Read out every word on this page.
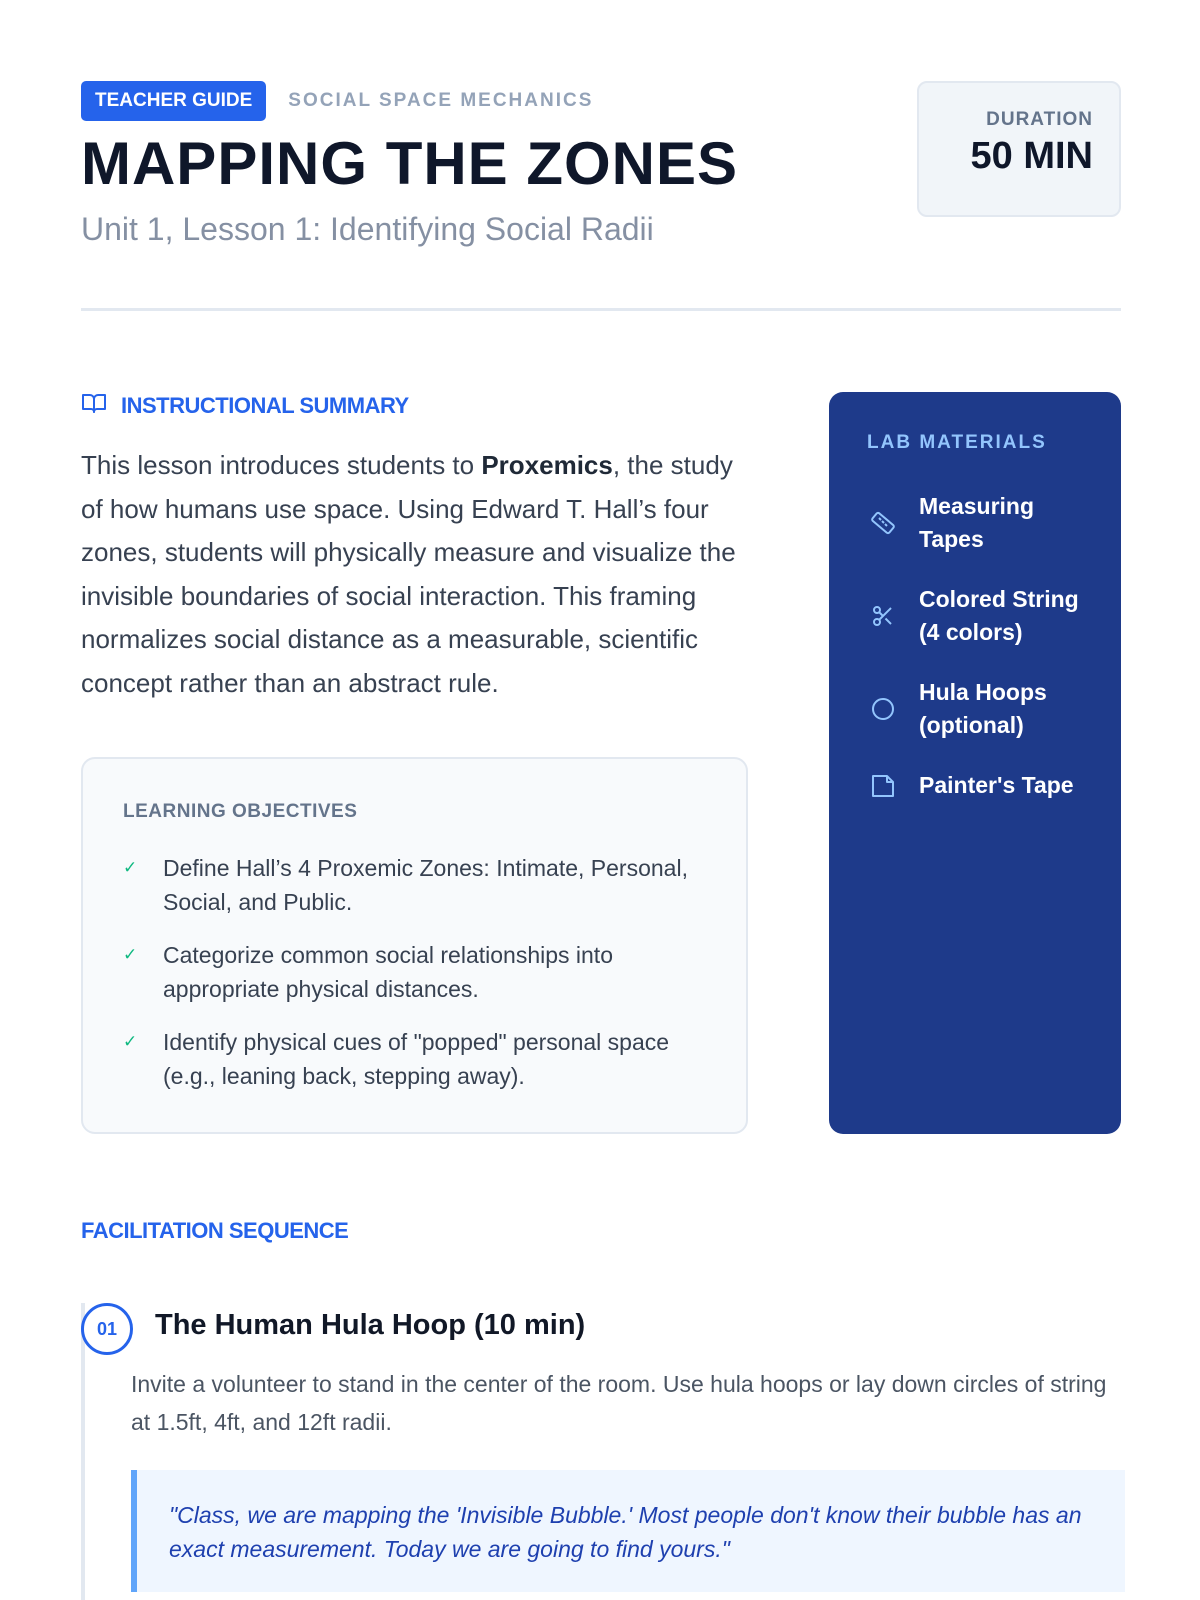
TEACHER GUIDE	SOCIAL SPACE MECHANICS
MAPPING THE ZONES
Unit 1, Lesson 1: Identifying Social Radii
DURATION
50 MIN
INSTRUCTIONAL SUMMARY

This lesson introduces students to Proxemics, the study of how humans use space. Using Edward T. Hall’s four zones, students will physically measure and visualize the invisible boundaries of social interaction. This framing normalizes social distance as a measurable, scientific concept rather than an abstract rule.

LEARNING OBJECTIVES
✓	Define Hall’s 4 Proxemic Zones: Intimate, Personal, Social, and Public.
✓	Categorize common social relationships into appropriate physical distances.
✓	Identify physical cues of "popped" personal space (e.g., leaning back, stepping away).
LAB MATERIALS
Measuring Tapes
Colored String (4 colors)
Hula Hoops (optional)
Painter's Tape
FACILITATION SEQUENCE
01	The Human Hula Hoop (10 min)
Invite a volunteer to stand in the center of the room. Use hula hoops or lay down circles of string at 1.5ft, 4ft, and 12ft radii.
"Class, we are mapping the 'Invisible Bubble.' Most people don't know their bubble has an exact measurement. Today we are going to find yours."
